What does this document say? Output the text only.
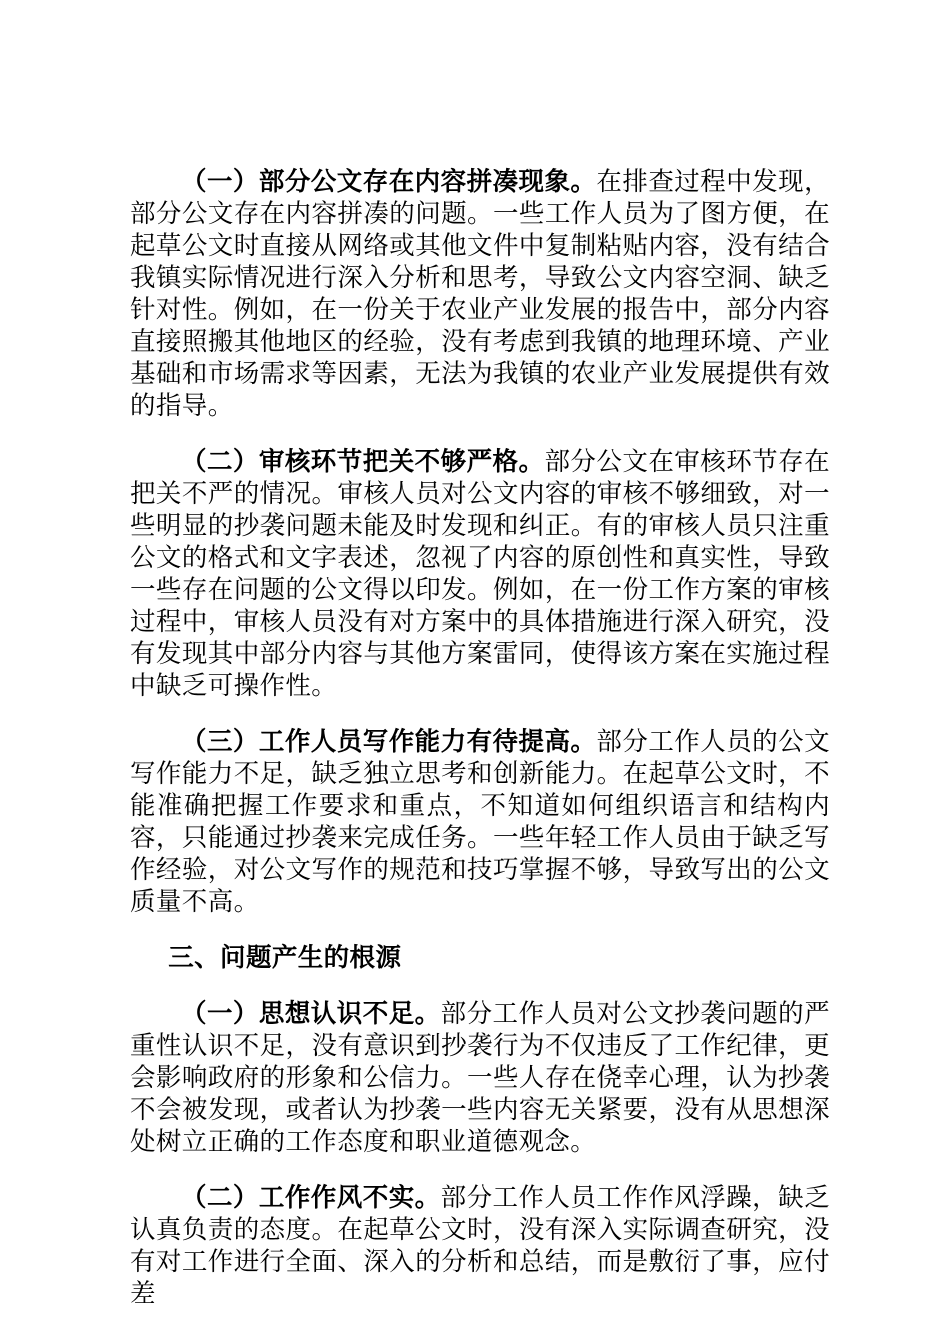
（一）部分公文存在内容拼凑现象。在排查过程中发现，部分公文存在内容拼凑的问题。一些工作人员为了图方便，在起草公文时直接从网络或其他文件中复制粘贴内容，没有结合我镇实际情况进行深入分析和思考，导致公文内容空洞、缺乏针对性。例如，在一份关于农业产业发展的报告中，部分内容直接照搬其他地区的经验，没有考虑到我镇的地理环境、产业基础和市场需求等因素，无法为我镇的农业产业发展提供有效的指导。

（二）审核环节把关不够严格。部分公文在审核环节存在把关不严的情况。审核人员对公文内容的审核不够细致，对一些明显的抄袭问题未能及时发现和纠正。有的审核人员只注重公文的格式和文字表述，忽视了内容的原创性和真实性，导致一些存在问题的公文得以印发。例如，在一份工作方案的审核过程中，审核人员没有对方案中的具体措施进行深入研究，没有发现其中部分内容与其他方案雷同，使得该方案在实施过程中缺乏可操作性。

（三）工作人员写作能力有待提高。部分工作人员的公文写作能力不足，缺乏独立思考和创新能力。在起草公文时，不能准确把握工作要求和重点，不知道如何组织语言和结构内容，只能通过抄袭来完成任务。一些年轻工作人员由于缺乏写作经验，对公文写作的规范和技巧掌握不够，导致写出的公文质量不高。

三、问题产生的根源

（一）思想认识不足。部分工作人员对公文抄袭问题的严重性认识不足，没有意识到抄袭行为不仅违反了工作纪律，更会影响政府的形象和公信力。一些人存在侥幸心理，认为抄袭不会被发现，或者认为抄袭一些内容无关紧要，没有从思想深处树立正确的工作态度和职业道德观念。

（二）工作作风不实。部分工作人员工作作风浮躁，缺乏认真负责的态度。在起草公文时，没有深入实际调查研究，没有对工作进行全面、深入的分析和总结，而是敷衍了事，应付差
